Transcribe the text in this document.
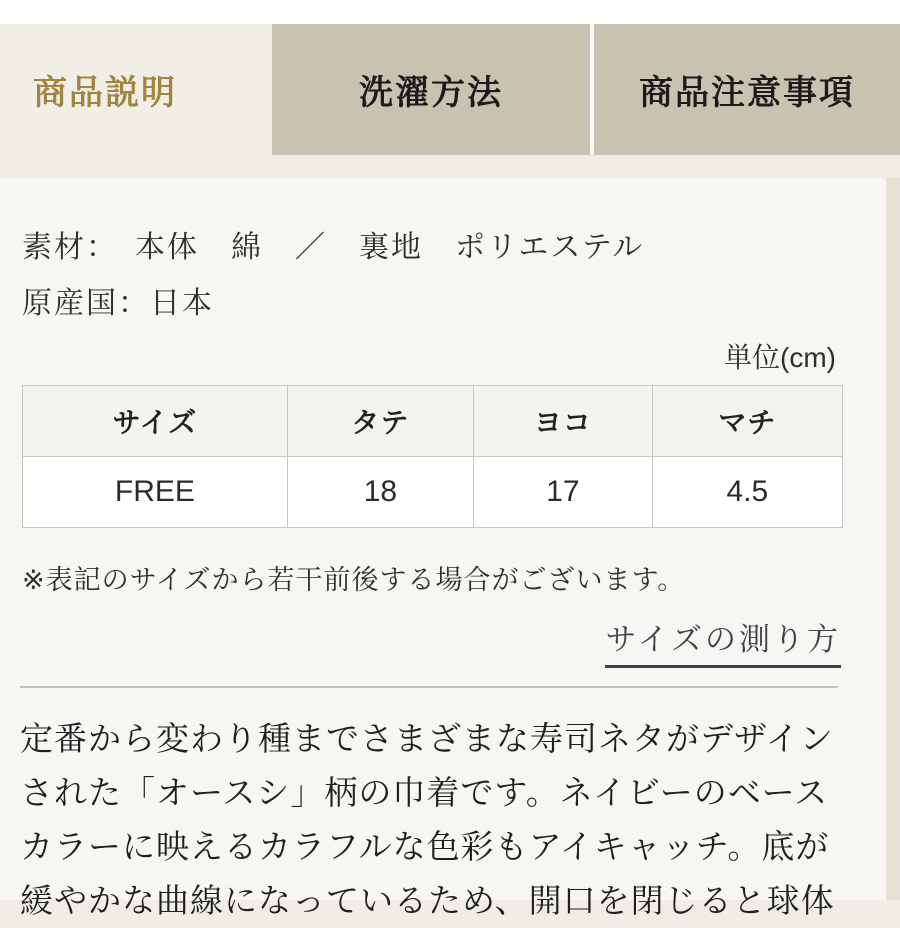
商品説明	洗濯方法	商品注意事項
素材：　本体　綿　／　裏地　ポリエステル
原産国：日本
単位(cm)
サイズ	タテ	ヨコ	マチ
FREE	18	17	4.5
※表記のサイズから若干前後する場合がございます。
サイズの測り方
定番から変わり種までさまざまな寿司ネタがデザイン
された「オースシ」柄の巾着です。ネイビーのベース
カラーに映えるカラフルな色彩もアイキャッチ。底が
緩やかな曲線になっているため、開口を閉じると球体
